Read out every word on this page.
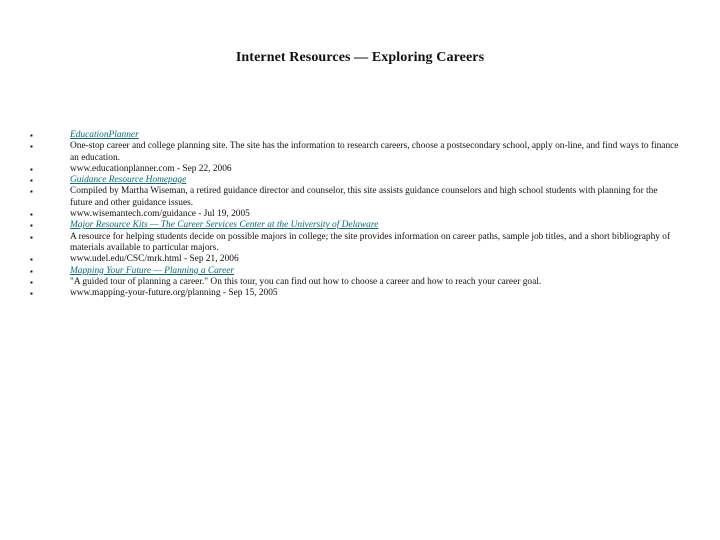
Internet Resources — Exploring Careers
▪
EducationPlanner
▪
One-stop career and college planning site. The site has the information to research careers, choose a postsecondary school, apply on-line, and find ways to finance an education.
▪
www.educationplanner.com - Sep 22, 2006
▪
Guidance Resource Homepage
▪
Compiled by Martha Wiseman, a retired guidance director and counselor, this site assists guidance counselors and high school students with planning for the future and other guidance issues.
▪
www.wisemantech.com/guidance - Jul 19, 2005
▪
Major Resource Kits — The Career Services Center at the University of Delaware
▪
A resource for helping students decide on possible majors in college; the site provides information on career paths, sample job titles, and a short bibliography of materials available to particular majors.
▪
www.udel.edu/CSC/mrk.html - Sep 21, 2006
▪
Mapping Your Future — Planning a Career
▪
"A guided tour of planning a career." On this tour, you can find out how to choose a career and how to reach your career goal.
▪
www.mapping-your-future.org/planning - Sep 15, 2005
